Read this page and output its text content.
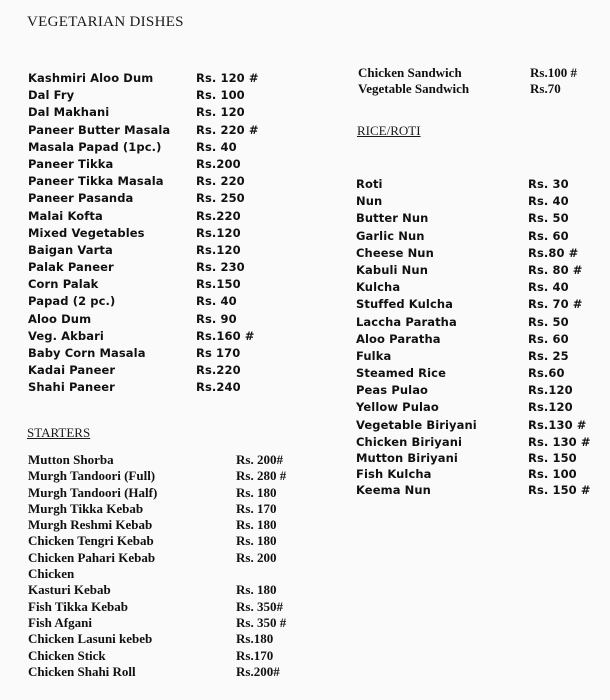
VEGETARIAN DISHES
Kashmiri Aloo Dum	Rs. 120 #
Dal Fry	Rs. 100
Dal Makhani	Rs. 120
Paneer Butter Masala Rs. 220 #
Masala Papad (1pc.)	Rs. 40
Paneer Tikka	Rs.200
Paneer Tikka Masala	Rs. 220
Paneer Pasanda	Rs. 250
Malai Kofta	Rs.220
Mixed Vegetables	Rs.120
Baigan Varta	Rs.120
Palak Paneer	Rs. 230
Corn Palak	Rs.150
Papad (2 pc.)	Rs. 40
Aloo Dum	Rs. 90
Veg. Akbari	Rs.160 #
Baby Corn Masala	Rs 170
Kadai Paneer	Rs.220
Shahi Paneer	Rs.240
STARTERS
Mutton Shorba	Rs. 200#
Murgh Tandoori (Full)	Rs. 280 #
Murgh Tandoori (Half)	Rs. 180
Murgh Tikka Kebab	Rs. 170
Murgh Reshmi Kebab	Rs. 180
Chicken Tengri Kebab	Rs. 180
Chicken Pahari Kebab	Rs. 200
Chicken
Kasturi Kebab	Rs. 180
Fish Tikka Kebab	Rs. 350#
Fish Afgani	Rs. 350 #
Chicken Lasuni kebeb	Rs.180
Chicken Stick	Rs.170
Chicken Shahi Roll	Rs.200#
Chicken Sandwich	Rs.100 #
Vegetable Sandwich	Rs.70
RICE/ROTI
Roti	Rs. 30
Nun	Rs. 40
Butter Nun	Rs. 50
Garlic Nun	Rs. 60
Cheese Nun	Rs.80 #
Kabuli Nun	Rs. 80 #
Kulcha	Rs. 40
Stuffed Kulcha	Rs. 70 #
Laccha Paratha	Rs. 50
Aloo Paratha	Rs. 60
Fulka	Rs. 25
Steamed Rice	Rs.60
Peas Pulao	Rs.120
Yellow Pulao	Rs.120
Vegetable Biriyani	Rs.130 #
Chicken Biriyani	Rs. 130 #
Mutton Biriyani	Rs. 150
Fish Kulcha	Rs. 100
Keema Nun	Rs. 150 #
